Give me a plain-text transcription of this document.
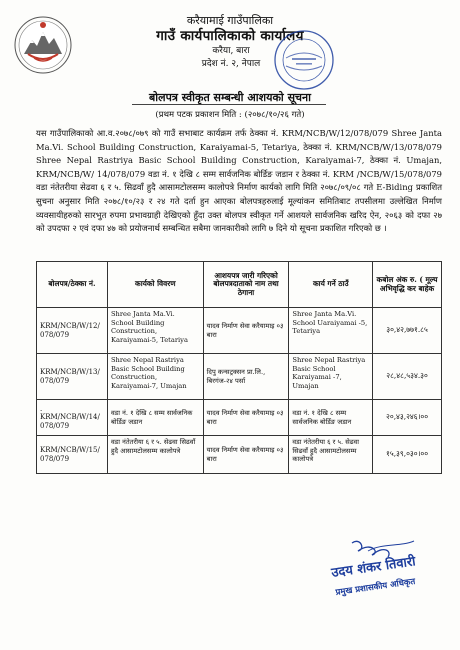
करैयामाई गाउँपालिका
गाउँ कार्यपालिकाको कार्यालय
करैया, बारा
प्रदेश नं. २, नेपाल
बोलपत्र स्वीकृत सम्बन्धी आशयको सूचना
(प्रथम पटक प्रकाशन मिति : (२०७८/१०/२६ गते)

यस गाउँपालिकाको आ.व.२०७८/०७९ को गाउँ सभाबाट कार्यक्रम तर्फ ठेक्का नं. KRM/NCB/W/12/078/079 Shree Janta Ma.Vi. School Building Construction, Karaiyamai-5, Tetariya, ठेक्का नं. KRM/NCB/W/13/078/079 Shree Nepal Rastriya Basic School Building Construction, Karaiyamai-7, ठेक्का नं. Umajan, KRM/NCB/W/ 14/078/079 वडा नं. १ देखि ८ सम्म सार्वजनिक बोर्डिङ जडान र ठेक्का नं. KRM /NCB/W/15/078/079 वडा नंतेतरीया सेढवा ६ र ५. सिढवाँ हुदै आसामटोलसम्म कालोपत्रे निर्माण कार्यको लागि मिति २०७८/०९/०८ गते E-Biding प्रकाशित सुचना अनुसार मिति २०७८/१०/२३ र २४ गते दर्ता हुन आएका बोलपत्रहरुलाई मूल्यांकन समितिबाट तपसीलमा उल्लेखित निर्माण व्यवसायीहरुको सारभुत रुपमा प्रभावग्राही देखिएको हुँदा उक्त बोलपत्र स्वीकृत गर्ने आशयले सार्वजनिक खरिद ऐन, २०६३ को दफा २७ को उपदफा २ एवं दफा ४७ को प्रयोजनार्थ सम्बन्धित सबैमा जानकारीको लागि ७ दिने यो सूचना प्रकाशित गरिएको छ ।

बोलपत्र/ठेक्का नं.	कार्यको विवरण	आशयपत्र जारी गरिएको बोलपत्रदाताको नाम तथा ठेगाना	कार्य गर्ने ठाउँ	कबोल अंक रु. ( मूल्य अभिवृद्धि कर बाहेक
KRM/NCB/W/12/ 078/079	Shree Janta Ma.Vi. School Building Construction, Karaiyamai-5, Tetariya	यादव निर्माण सेवा करैयामाइ ०३ बारा	Shree Janta Ma.Vi. School Uaraiyamai -5, Tetariya	३०,४२,७७१.८५
KRM/NCB/W/13/ 078/079	Shree Nepal Rastriya Basic School Building Construction, Karaiyamai-7, Umajan	दिपु कन्सट्रक्सन प्रा.लि., बिरगंज-२४ पर्सा	Shree Nepal Rastriya Basic School Karaiyamai -7, Umajan	२८,४८,५३४.३०
. KRM/NCB/W/14/ 078/079	वडा नं. १ देखि ८ सम्म सार्वजनिक बोर्डिङ जडान	यादव निर्माण सेवा करैयामाइ ०३ बारा	वडा नं. १ देखि ८ सम्म सार्वजनिक बोर्डिङ जडान	२०,४३,२४६।००
KRM/NCB/W/15/ 078/079	वडा नंतेतरीया ६ र ५. सेढवा सिढवाँ हुदै आसामटोलसम्म कालोपत्रे	यादव निर्माण सेवा करैयामाइ ०३ बारा	वडा नंतेतरीया ६ र ५. सेढवा सिढवाँ हुदै आसामटोलसम्म कालोपत्रे	१५,३९,०३०।००
उदय शंकर तिवारी
प्रमुख प्रशासकीय अधिकृत
